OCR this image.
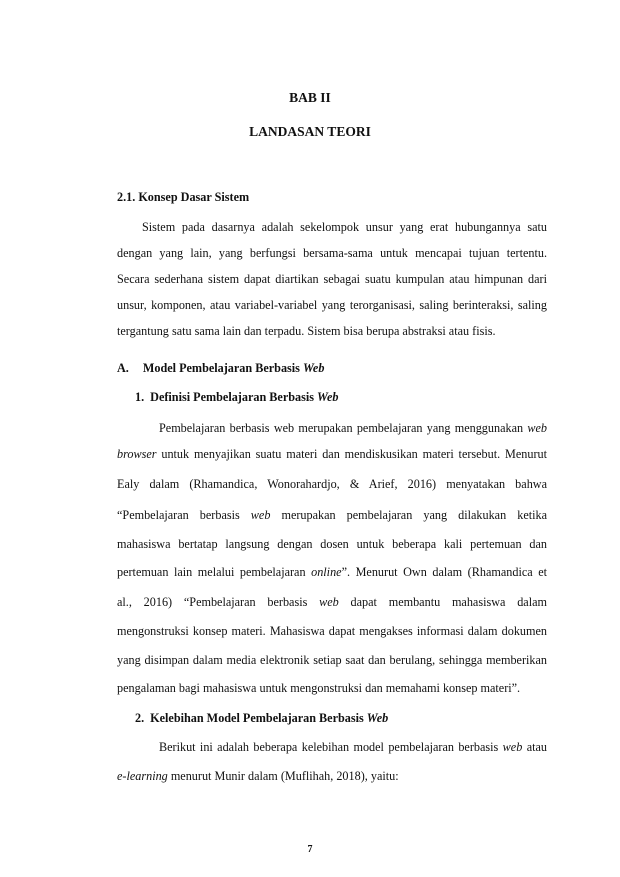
BAB II
LANDASAN TEORI
2.1. Konsep Dasar Sistem
Sistem pada dasarnya adalah sekelompok unsur yang erat hubungannya satu
dengan yang lain, yang berfungsi bersama-sama untuk mencapai tujuan tertentu.
Secara sederhana sistem dapat diartikan sebagai suatu kumpulan atau himpunan dari
unsur, komponen, atau variabel-variabel yang terorganisasi, saling berinteraksi, saling
tergantung satu sama lain dan terpadu. Sistem bisa berupa abstraksi atau fisis.
A. Model Pembelajaran Berbasis Web
1. Definisi Pembelajaran Berbasis Web
Pembelajaran berbasis web merupakan pembelajaran yang menggunakan web
browser untuk menyajikan suatu materi dan mendiskusikan materi tersebut. Menurut
Ealy dalam (Rhamandica, Wonorahardjo, & Arief, 2016) menyatakan bahwa
“Pembelajaran berbasis web merupakan pembelajaran yang dilakukan ketika
mahasiswa bertatap langsung dengan dosen untuk beberapa kali pertemuan dan
pertemuan lain melalui pembelajaran online”. Menurut Own dalam (Rhamandica et
al., 2016) “Pembelajaran berbasis web dapat membantu mahasiswa dalam
mengonstruksi konsep materi. Mahasiswa dapat mengakses informasi dalam dokumen
yang disimpan dalam media elektronik setiap saat dan berulang, sehingga memberikan
pengalaman bagi mahasiswa untuk mengonstruksi dan memahami konsep materi”.
2. Kelebihan Model Pembelajaran Berbasis Web
Berikut ini adalah beberapa kelebihan model pembelajaran berbasis web atau
e-learning menurut Munir dalam (Muflihah, 2018), yaitu:
7
